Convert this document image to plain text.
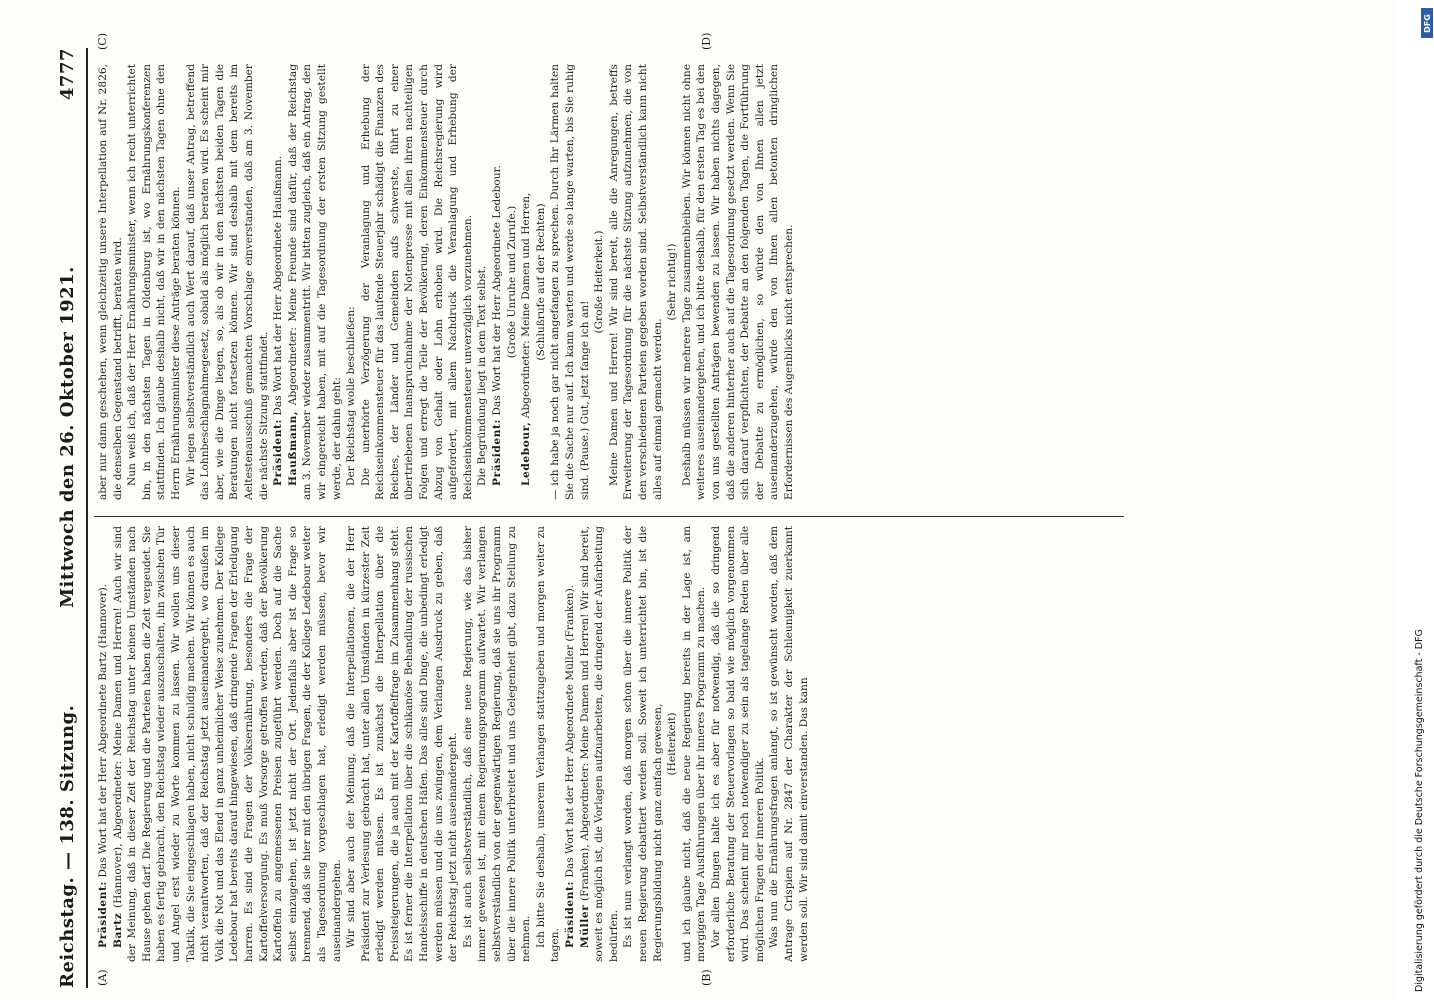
Reichstag. — 138. Sitzung.
Mittwoch den 26. Oktober 1921.
4777
(A)	(B)
(C)	(D)

Präsident: Das Wort hat der Herr Abgeordnete Bartz (Hannover).

Bartz (Hannover), Abgeordneter: Meine Damen und Herren! Auch wir sind der Meinung, daß in dieser Zeit der Reichstag unter keinen Umständen nach Hause gehen darf. Die Regierung und die Parteien haben die Zeit vergeudet. Sie haben es fertig gebracht, den Reichstag wieder auszuschalten, ihn zwischen Tür und Angel erst wieder zu Worte kommen zu lassen. Wir wollen uns dieser Taktik, die Sie eingeschlagen haben, nicht schuldig machen. Wir können es auch nicht verantworten, daß der Reichstag jetzt auseinandergeht, wo draußen im Volk die Not und das Elend in ganz unheimlicher Weise zunehmen. Der Kollege Ledebour hat bereits darauf hingewiesen, daß dringende Fragen der Erledigung harren. Es sind die Fragen der Volksernährung, besonders die Frage der Kartoffelversorgung. Es muß Vorsorge getroffen werden, daß der Bevölkerung Kartoffeln zu angemessenen Preisen zugeführt werden. Doch auf die Sache selbst einzugehen, ist jetzt nicht der Ort. Jedenfalls aber ist die Frage so brennend, daß sie hier mit den übrigen Fragen, die der Kollege Ledebour weiter als Tagesordnung vorgeschlagen hat, erledigt werden müssen, bevor wir auseinandergehen. Wir sind aber auch der Meinung, daß die Interpellationen, die der Herr Präsident zur Verlesung gebracht hat, unter allen Umständen in kürzester Zeit erledigt werden müssen. Es ist zunächst die Interpellation über die Preissteigerungen, die ja auch mit der Kartoffelfrage im Zusammenhang steht. Es ist ferner die Interpellation über die schikanöse Behandlung der russischen Handelsschiffe in deutschen Häfen. Das alles sind Dinge, die unbedingt erledigt werden müssen und die uns zwingen, dem Verlangen Ausdruck zu geben, daß der Reichstag jetzt nicht auseinandergeht. Es ist auch selbstverständlich, daß eine neue Regierung, wie das bisher immer gewesen ist, mit einem Regierungsprogramm aufwartet. Wir verlangen selbstverständlich von der gegenwärtigen Regierung, daß sie uns ihr Programm über die innere Politik unterbreitet und uns Gelegenheit gibt, dazu Stellung zu nehmen. Ich bitte Sie deshalb, unserem Verlangen stattzugeben und morgen weiter zu tagen. Präsident: Das Wort hat der Herr Abgeordnete Müller (Franken).

Müller (Franken), Abgeordneter: Meine Damen und Herren! Wir sind bereit, soweit es möglich ist, die Vorlagen aufzuarbeiten, die dringend der Aufarbeitung bedürfen. Es ist nun verlangt worden, daß morgen schon über die innere Politik der neuen Regierung debattiert werden soll. Soweit ich unterrichtet bin, ist die Regierungsbildung nicht ganz einfach gewesen, (Heiterkeit) und ich glaube nicht, daß die neue Regierung bereits in der Lage ist, am morgigen Tage Ausführungen über ihr inneres Programm zu machen. Vor allen Dingen halte ich es aber für notwendig, daß die so dringend erforderliche Beratung der Steuervorlagen so bald wie möglich vorgenommen wird. Das scheint mir noch notwendiger zu sein als tagelange Reden über alle möglichen Fragen der inneren Politik. Was nun die Ernährungsfragen anlangt, so ist gewünscht worden, daß dem Antrage Crispien auf Nr. 2847 der Charakter der Schleunigkeit zuerkannt werden soll. Wir sind damit einverstanden. Das kann

aber nur dann geschehen, wenn gleichzeitig unsere Interpellation auf Nr. 2826, die denselben Gegenstand betrifft, beraten wird. Nun weiß ich, daß der Herr Ernährungsminister, wenn ich recht unterrichtet bin, in den nächsten Tagen in Oldenburg ist, wo Ernährungskonferenzen stattfinden. Ich glaube deshalb nicht, daß wir in den nächsten Tagen ohne den Herrn Ernährungsminister diese Anträge beraten können. Wir legen selbstverständlich auch Wert darauf, daß unser Antrag, betreffend das Lohnbeschlagnahmegesetz, sobald als möglich beraten wird. Es scheint mir aber, wie die Dinge liegen, so, als ob wir in den nächsten beiden Tagen die Beratungen nicht fortsetzen können. Wir sind deshalb mit dem bereits im Aeltestenausschuß gemachten Vorschlage einverstanden, daß am 3. November die nächste Sitzung stattfindet. Präsident: Das Wort hat der Herr Abgeordnete Haußmann.

Haußmann, Abgeordneter: Meine Freunde sind dafür, daß der Reichstag am 3. November wieder zusammentritt. Wir bitten zugleich, daß ein Antrag, den wir eingereicht haben, mit auf die Tagesordnung der ersten Sitzung gestellt werde, der dahin geht: Der Reichstag wolle beschließen: Die unerhörte Verzögerung der Veranlagung und Erhebung der Reichseinkommensteuer für das laufende Steuerjahr schädigt die Finanzen des Reiches, der Länder und Gemeinden aufs schwerste, führt zu einer übertriebenen Inanspruchnahme der Notenpresse mit allen ihren nachteiligen Folgen und erregt die Teile der Bevölkerung, deren Einkommensteuer durch Abzug von Gehalt oder Lohn erhoben wird. Die Reichsregierung wird aufgefordert, mit allem Nachdruck die Veranlagung und Erhebung der Reichseinkommensteuer unverzüglich vorzunehmen. Die Begründung liegt in dem Text selbst. Präsident: Das Wort hat der Herr Abgeordnete Ledebour. (Große Unruhe und Zurufe.)

Ledebour, Abgeordneter: Meine Damen und Herren, (Schlußrufe auf der Rechten) — ich habe ja noch gar nicht angefangen zu sprechen. Durch Ihr Lärmen halten Sie die Sache nur auf. Ich kann warten und werde so lange warten, bis Sie ruhig sind. (Pause.) Gut, jetzt fange ich an!

(Große Heiterkeit.) Meine Damen und Herren! Wir sind bereit, alle die Anregungen, betreffs Erweiterung der Tagesordnung für die nächste Sitzung aufzunehmen, die von den verschiedenen Parteien gegeben worden sind. Selbstverständlich kann nicht alles auf einmal gemacht werden.

(Sehr richtig!) Deshalb müssen wir mehrere Tage zusammenbleiben. Wir können nicht ohne weiteres auseinandergehen, und ich bitte deshalb, für den ersten Tag es bei den von uns gestellten Anträgen bewenden zu lassen. Wir haben nichts dagegen, daß die anderen hinterher auch auf die Tagesordnung gesetzt werden. Wenn Sie sich darauf verpflichten, der Debatte an den folgenden Tagen, die Fortführung der Debatte zu ermöglichen, so würde den von Ihnen allen jetzt auseinanderzugehen, würde den von Ihnen allen betonten dringlichen Erfordernissen des Augenblicks nicht entsprechen.

Digitalisierung gefördert durch die Deutsche Forschungsgemeinschaft - DFG
DFG
